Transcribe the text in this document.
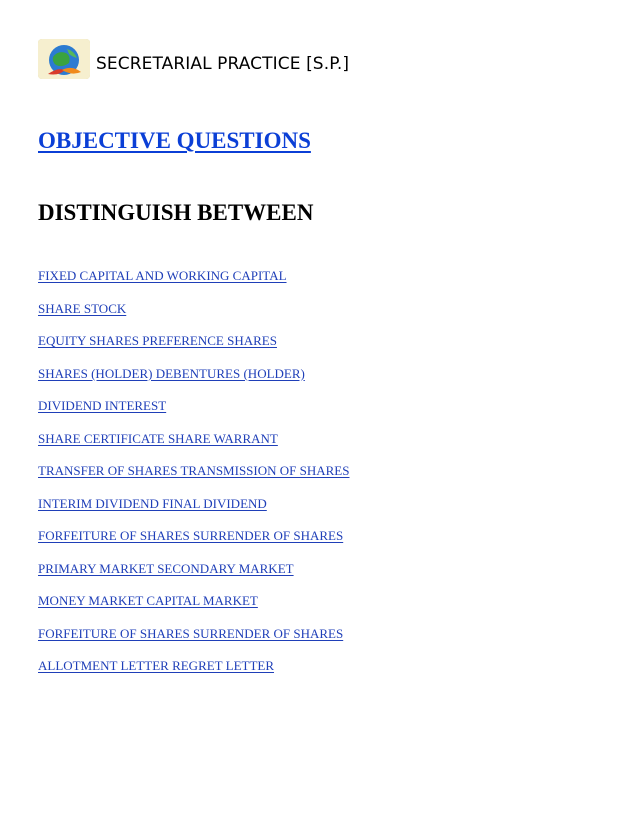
SECRETARIAL PRACTICE [S.P.]
OBJECTIVE QUESTIONS
DISTINGUISH BETWEEN
FIXED CAPITAL AND WORKING CAPITAL
SHARE STOCK
EQUITY SHARES PREFERENCE SHARES
SHARES (HOLDER) DEBENTURES (HOLDER)
DIVIDEND INTEREST
SHARE CERTIFICATE SHARE WARRANT
TRANSFER OF SHARES TRANSMISSION OF SHARES
INTERIM DIVIDEND FINAL DIVIDEND
FORFEITURE OF SHARES SURRENDER OF SHARES
PRIMARY MARKET SECONDARY MARKET
MONEY MARKET CAPITAL MARKET
FORFEITURE OF SHARES SURRENDER OF SHARES
ALLOTMENT LETTER REGRET LETTER
